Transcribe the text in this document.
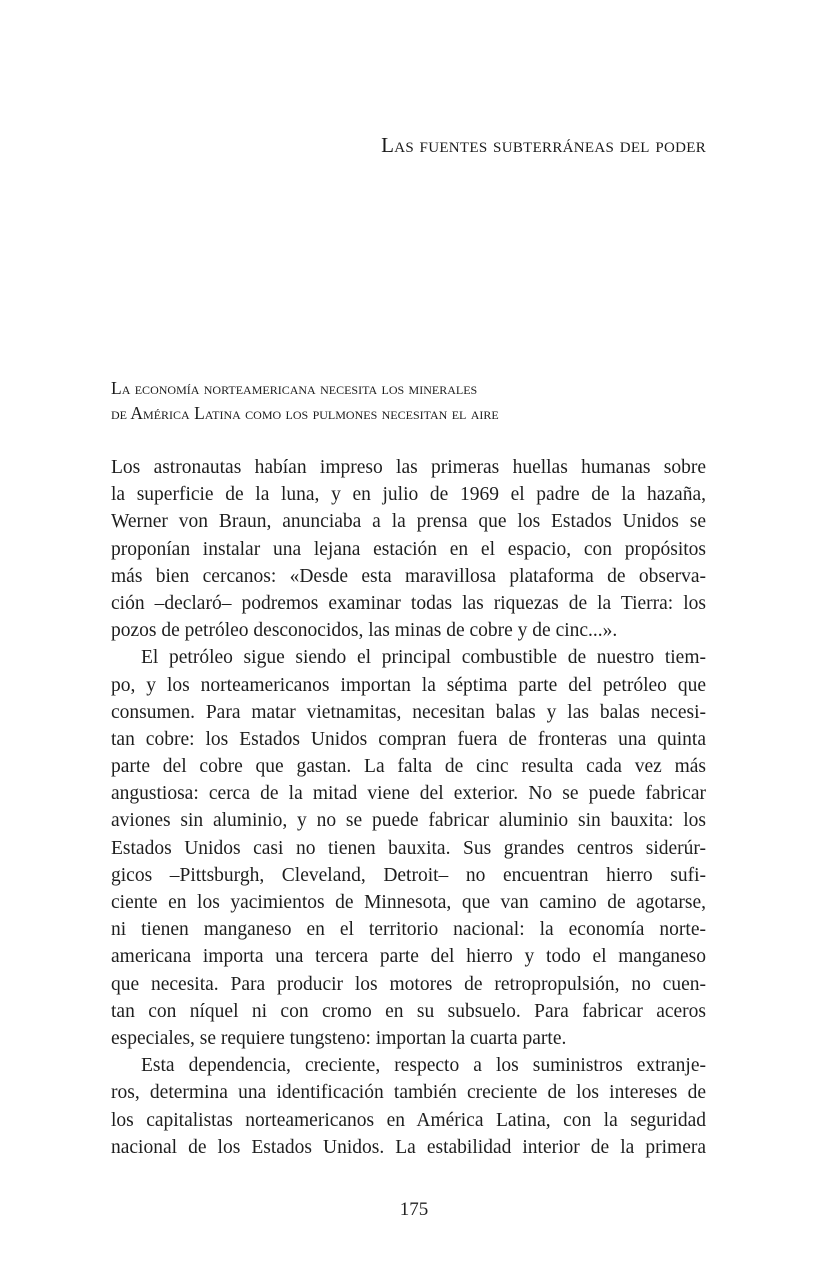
Las fuentes subterráneas del poder
La economía norteamericana necesita los minerales
de América Latina como los pulmones necesitan el aire
Los astronautas habían impreso las primeras huellas humanas sobre
la superficie de la luna, y en julio de 1969 el padre de la hazaña,
Werner von Braun, anunciaba a la prensa que los Estados Unidos se
proponían instalar una lejana estación en el espacio, con propósitos
más bien cercanos: «Desde esta maravillosa plataforma de observa-
ción –declaró– podremos examinar todas las riquezas de la Tierra: los
pozos de petróleo desconocidos, las minas de cobre y de cinc...».
El petróleo sigue siendo el principal combustible de nuestro tiem-
po, y los norteamericanos importan la séptima parte del petróleo que
consumen. Para matar vietnamitas, necesitan balas y las balas necesi-
tan cobre: los Estados Unidos compran fuera de fronteras una quinta
parte del cobre que gastan. La falta de cinc resulta cada vez más
angustiosa: cerca de la mitad viene del exterior. No se puede fabricar
aviones sin aluminio, y no se puede fabricar aluminio sin bauxita: los
Estados Unidos casi no tienen bauxita. Sus grandes centros siderúr-
gicos –Pittsburgh, Cleveland, Detroit– no encuentran hierro sufi-
ciente en los yacimientos de Minnesota, que van camino de agotarse,
ni tienen manganeso en el territorio nacional: la economía norte-
americana importa una tercera parte del hierro y todo el manganeso
que necesita. Para producir los motores de retropropulsión, no cuen-
tan con níquel ni con cromo en su subsuelo. Para fabricar aceros
especiales, se requiere tungsteno: importan la cuarta parte.
Esta dependencia, creciente, respecto a los suministros extranje-
ros, determina una identificación también creciente de los intereses de
los capitalistas norteamericanos en América Latina, con la seguridad
nacional de los Estados Unidos. La estabilidad interior de la primera
175
